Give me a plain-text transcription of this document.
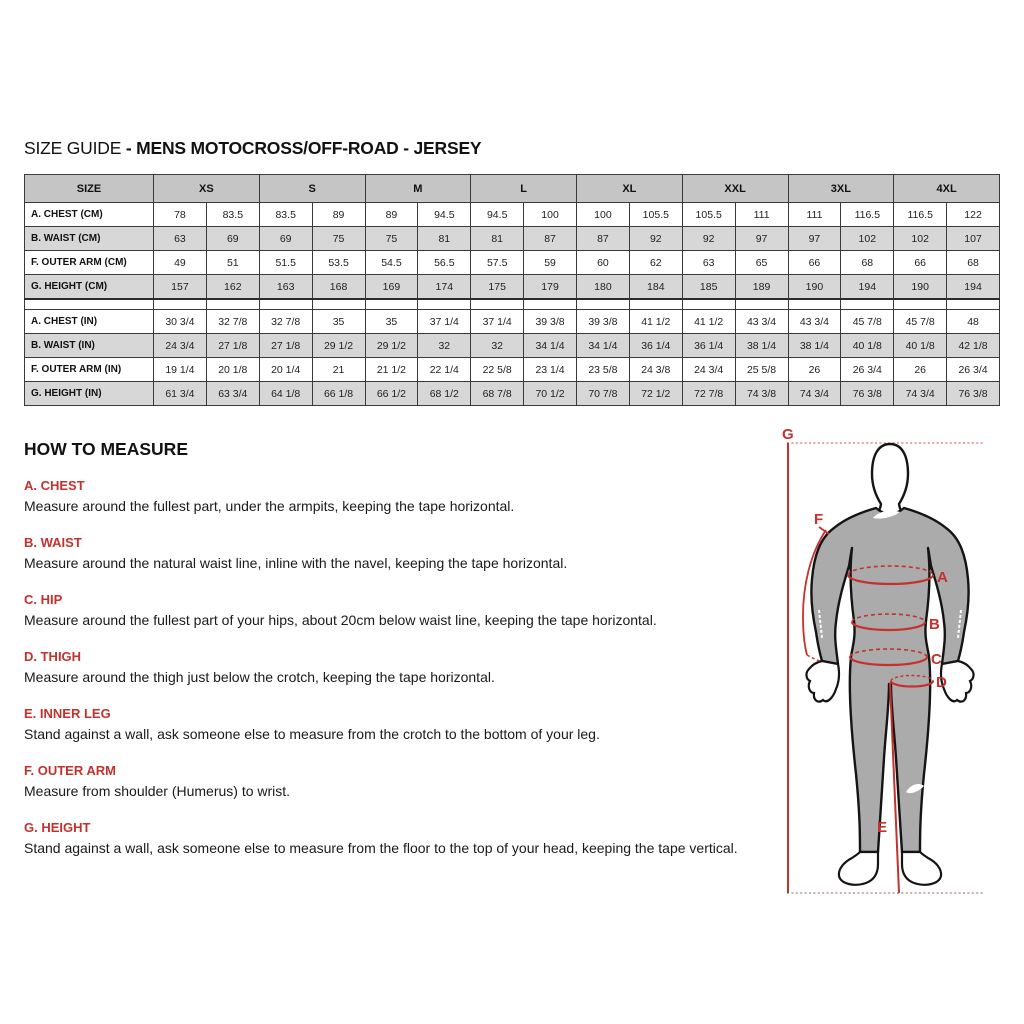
SIZE GUIDE - MENS MOTOCROSS/OFF-ROAD - JERSEY
SIZE	XS		S		M		L		XL		XXL		3XL		4XL	
A. CHEST (CM)	78	83.5	83.5	89	89	94.5	94.5	100	100	105.5	105.5	111	111	116.5	116.5	122
B. WAIST (CM)	63	69	69	75	75	81	81	87	87	92	92	97	97	102	102	107
F. OUTER ARM (CM)	49	51	51.5	53.5	54.5	56.5	57.5	59	60	62	63	65	66	68	66	68
G. HEIGHT (CM)	157	162	163	168	169	174	175	179	180	184	185	189	190	194	190	194

A. CHEST (IN)	30 3/4	32 7/8	32 7/8	35	35	37 1/4	37 1/4	39 3/8	39 3/8	41 1/2	41 1/2	43 3/4	43 3/4	45 7/8	45 7/8	48
B. WAIST (IN)	24 3/4	27 1/8	27 1/8	29 1/2	29 1/2	32	32	34 1/4	34 1/4	36 1/4	36 1/4	38 1/4	38 1/4	40 1/8	40 1/8	42 1/8
F. OUTER ARM (IN)	19 1/4	20 1/8	20 1/4	21	21 1/2	22 1/4	22 5/8	23 1/4	23 5/8	24 3/8	24 3/4	25 5/8	26	26 3/4	26	26 3/4
G. HEIGHT (IN)	61 3/4	63 3/4	64 1/8	66 1/8	66 1/2	68 1/2	68 7/8	70 1/2	70 7/8	72 1/2	72 7/8	74 3/8	74 3/4	76 3/8	74 3/4	76 3/8
HOW TO MEASURE
A. CHEST
Measure around the fullest part, under the armpits, keeping the tape horizontal.
B. WAIST
Measure around the natural waist line, inline with the navel, keeping the tape horizontal.
C. HIP
Measure around the fullest part of your hips, about 20cm below waist line, keeping the tape horizontal.
D. THIGH
Measure around the thigh just below the crotch, keeping the tape horizontal.
E. INNER LEG
Stand against a wall, ask someone else to measure from the crotch to the bottom of your leg.
F. OUTER ARM
Measure from shoulder (Humerus) to wrist.
G. HEIGHT
Stand against a wall, ask someone else to measure from the floor to the top of your head, keeping the tape vertical.
G
F
A
B
C
D
E
